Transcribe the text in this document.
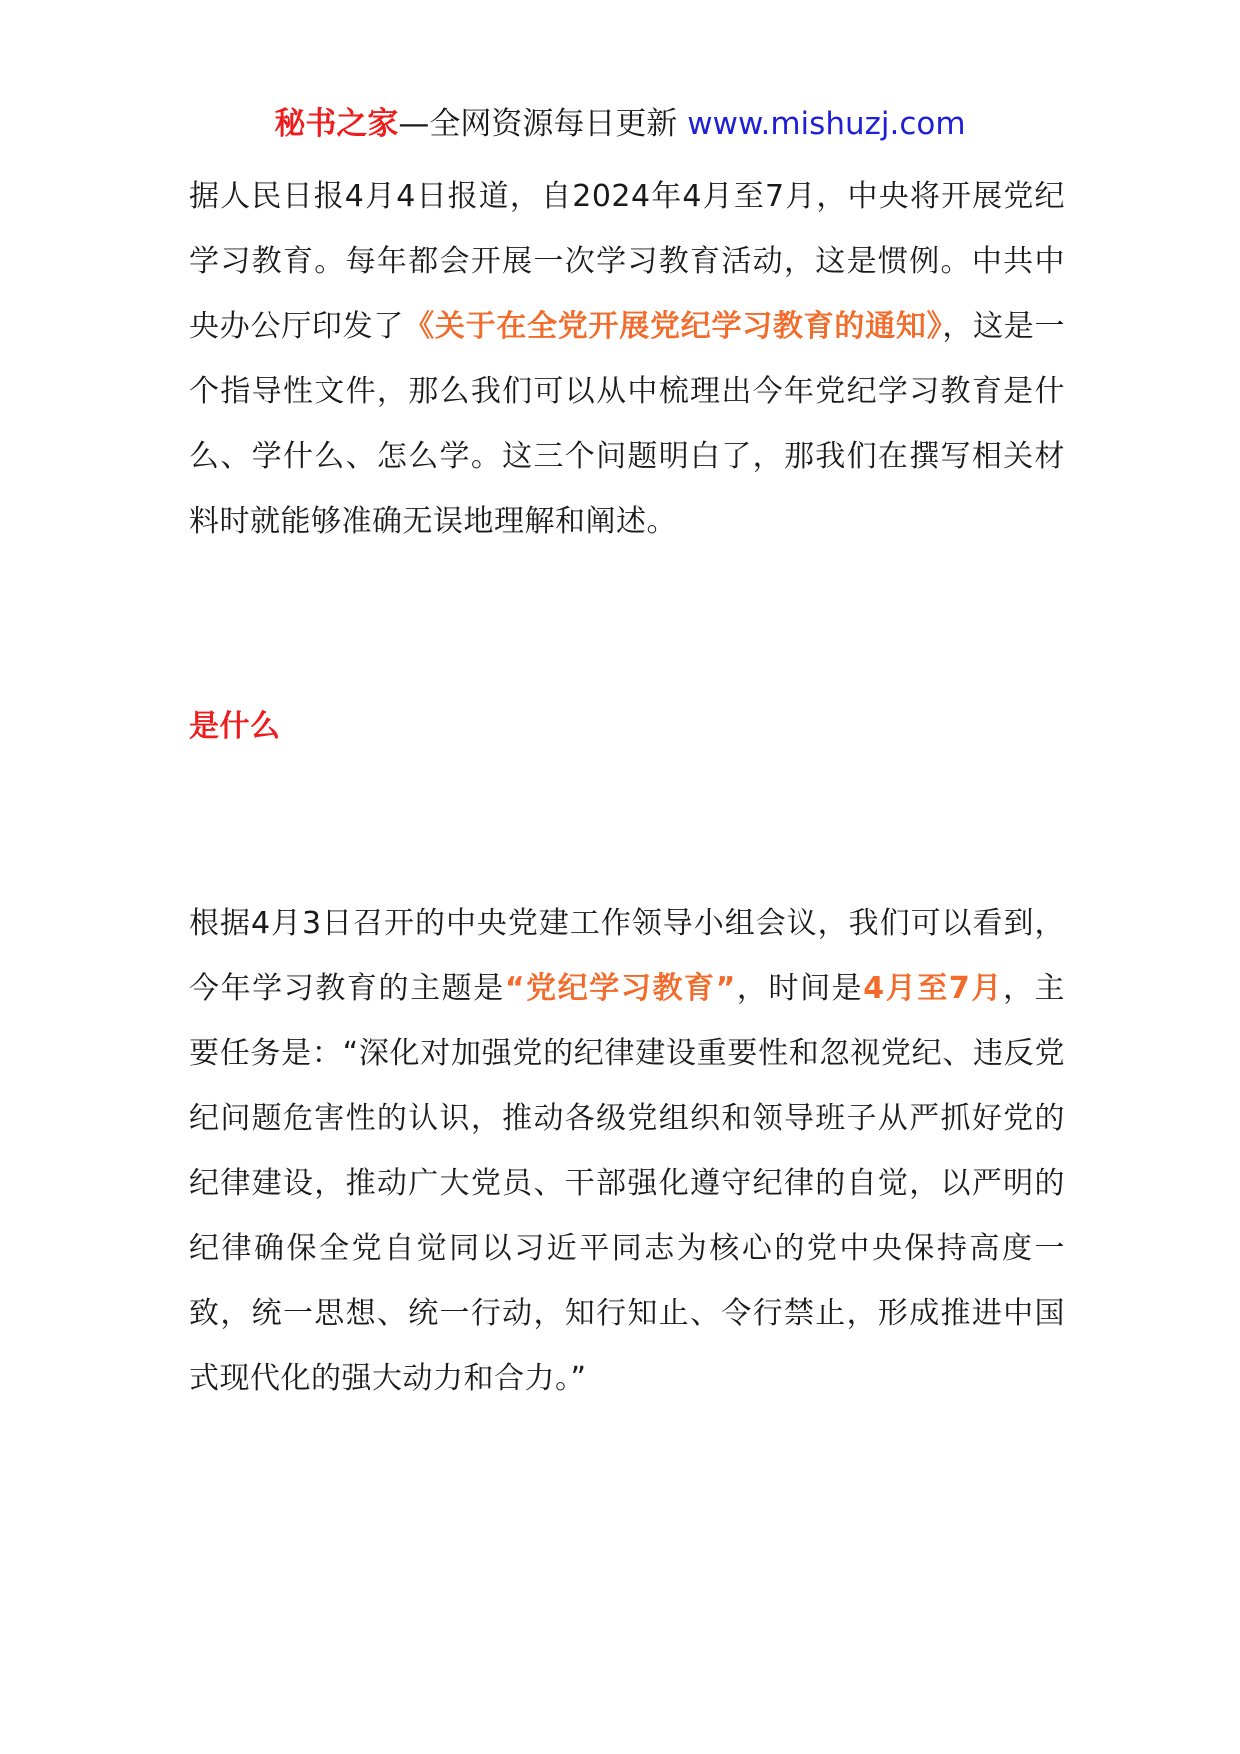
秘书之家—全网资源每日更新 www.mishuzj.com

据人民日报4月4日报道，自2024年4月至7月，中央将开展党纪学习教育。每年都会开展一次学习教育活动，这是惯例。中共中央办公厅印发了《关于在全党开展党纪学习教育的通知》，这是一个指导性文件，那么我们可以从中梳理出今年党纪学习教育是什么、学什么、怎么学。这三个问题明白了，那我们在撰写相关材料时就能够准确无误地理解和阐述。

是什么

根据4月3日召开的中央党建工作领导小组会议，我们可以看到，今年学习教育的主题是“党纪学习教育”，时间是4月至7月，主要任务是：“深化对加强党的纪律建设重要性和忽视党纪、违反党纪问题危害性的认识，推动各级党组织和领导班子从严抓好党的纪律建设，推动广大党员、干部强化遵守纪律的自觉，以严明的纪律确保全党自觉同以习近平同志为核心的党中央保持高度一致，统一思想、统一行动，知行知止、令行禁止，形成推进中国式现代化的强大动力和合力。”
